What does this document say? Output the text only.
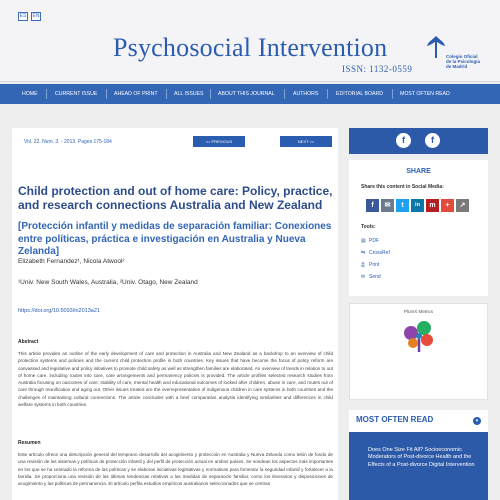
ES	EN
Psychosocial Intervention
ISSN: 1132-0559
Colegio Oficial
de la Psicología
de Madrid
HOME	CURRENT ISSUE	AHEAD OF PRINT	ALL ISSUES	ABOUT THIS JOURNAL	AUTHORS	EDITORIAL BOARD	MOST OFTEN READ
Vol. 22. Num. 3. - 2013. Pages 175-184	<< PREVIOUS	NEXT >>
Child protection and out of home care: Policy, practice, and research connections Australia and New Zealand
[Protección infantil y medidas de separación familiar: Conexiones entre políticas, práctica e investigación en Australia y Nueva Zelanda]
Elizabeth Fernandez¹, Nicola Atwool²
¹Univ. New South Wales, Australia, ²Univ. Otago, New Zealand
https://doi.org/10.5093/in2013a21
Abstract

This article provides an outline of the early development of care and protection in Australia and New Zealand as a backdrop to an overview of child protection systems and policies and the current child protection profile in both countries. Key issues that have become the focus of policy reform are canvassed and legislative and policy initiatives to promote child safety as well as strengthen families are elaborated. An overview of trends in relation to out of home care, including routes into care, care arrangements and permanency policies is provided. The article profiles selected research studies from Australia focusing on outcomes of care: stability of care, mental health and educational outcomes of looked after children, abuse in care, and routes out of care through reunification and aging out. Other issues treated are the overrepresentation of indigenous children in care systems in both countries and the challenges of maintaining cultural connections. The article concludes with a brief comparative analysis identifying similarities and differences in child welfare systems in both countries.

Resumen

Este artículo ofrece una descripción general del temprano desarrollo del acogimiento y protección en Australia y Nueva Zelanda como telón de fondo de una revisión de los sistemas y políticas de protección infantil y del perfil de protección actual en ambos países. Se sondean los aspectos más importantes en los que se ha centrado la reforma de las políticas y se elaboran iniciativas legislativas y normativas para fomentar la seguridad infantil y fortalecer a la familia. Se proporciona una revisión de las últimas tendencias relativas a las medidas de separación familiar, como los itinerarios y disposiciones de acogimiento y las políticas de permanencia. El artículo perfila estudios empíricos australianos seleccionados que se centran

f	f
SHARE
Share this content in Social Media:
f	✉	t	in	m	+	↗
Tools:
▤ PDF
⇆ CrossRef
⎙ Print
✉ Send
PlumX Metrics
MOST OFTEN READ	▾
Does One Size Fit All? Socioeconomic Moderators of Post-divorce Health and the Effects of a Post-divorce Digital Intervention
